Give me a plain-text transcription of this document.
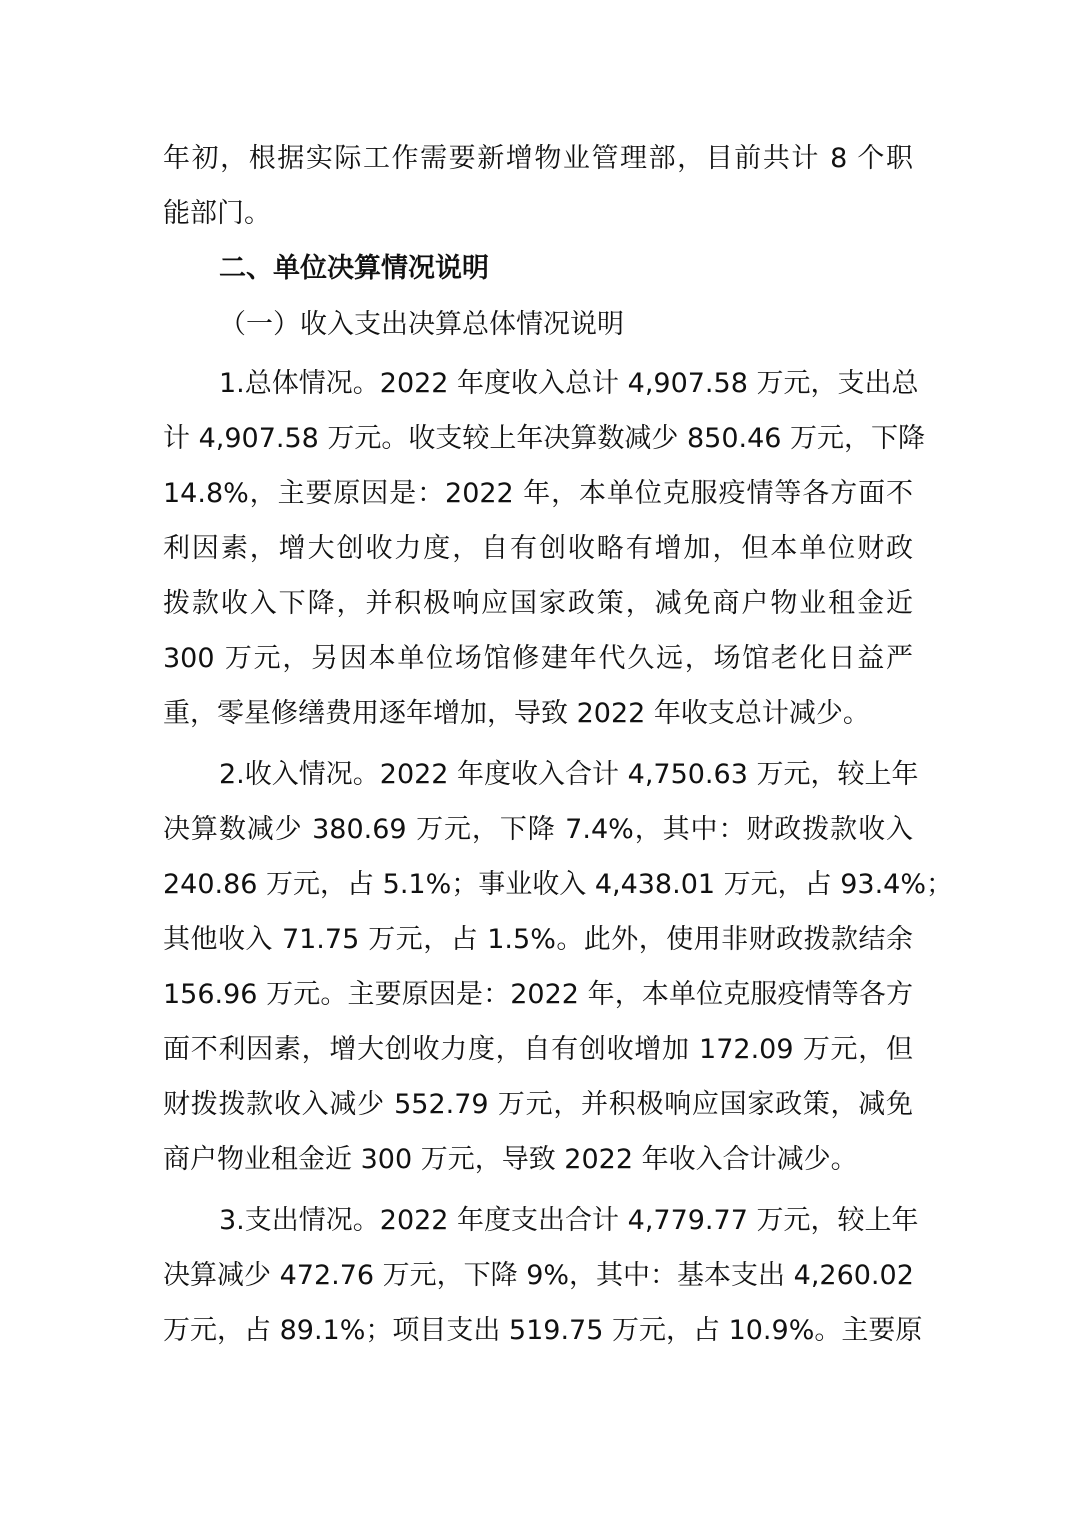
年初，根据实际工作需要新增物业管理部，目前共计 8 个职
能部门。
二、单位决算情况说明
（一）收入支出决算总体情况说明
1.总体情况。2022 年度收入总计 4,907.58 万元，支出总
计 4,907.58 万元。收支较上年决算数减少 850.46 万元，下降
14.8%，主要原因是：2022 年，本单位克服疫情等各方面不
利因素，增大创收力度，自有创收略有增加，但本单位财政
拨款收入下降，并积极响应国家政策，减免商户物业租金近
300 万元，另因本单位场馆修建年代久远，场馆老化日益严
重，零星修缮费用逐年增加，导致 2022 年收支总计减少。
2.收入情况。2022 年度收入合计 4,750.63 万元，较上年
决算数减少 380.69 万元，下降 7.4%，其中：财政拨款收入
240.86 万元，占 5.1%；事业收入 4,438.01 万元，占 93.4%；
其他收入 71.75 万元，占 1.5%。此外，使用非财政拨款结余
156.96 万元。主要原因是：2022 年，本单位克服疫情等各方
面不利因素，增大创收力度，自有创收增加 172.09 万元，但
财拨拨款收入减少 552.79 万元，并积极响应国家政策，减免
商户物业租金近 300 万元，导致 2022 年收入合计减少。
3.支出情况。2022 年度支出合计 4,779.77 万元，较上年
决算减少 472.76 万元，下降 9%，其中：基本支出 4,260.02
万元，占 89.1%；项目支出 519.75 万元，占 10.9%。主要原
